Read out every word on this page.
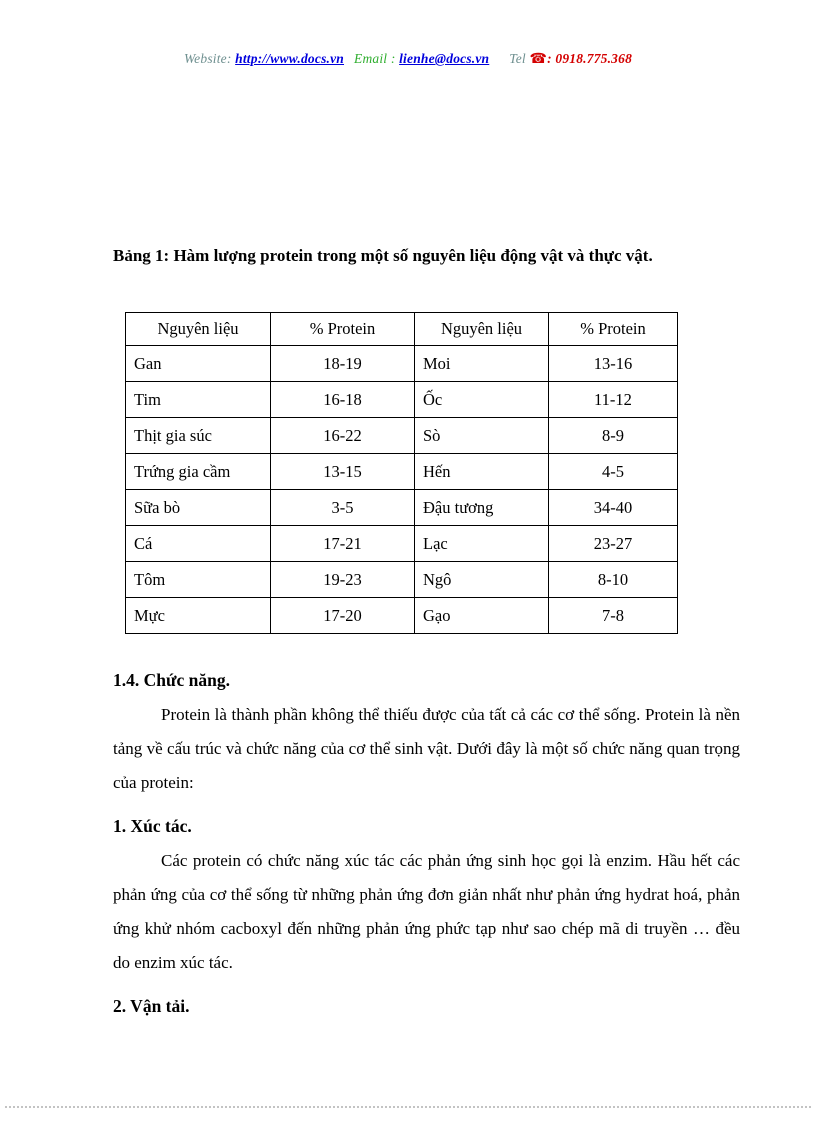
Website: http://www.docs.vn Email : lienhe@docs.vn Tel ☎: 0918.775.368

Bảng 1: Hàm lượng protein trong một số nguyên liệu động vật và thực vật.

Nguyên liệu	% Protein	Nguyên liệu	% Protein
Gan	18-19	Moi	13-16
Tim	16-18	Ốc	11-12
Thịt gia súc	16-22	Sò	8-9
Trứng gia cầm	13-15	Hến	4-5
Sữa bò	3-5	Đậu tương	34-40
Cá	17-21	Lạc	23-27
Tôm	19-23	Ngô	8-10
Mực	17-20	Gạo	7-8
1.4. Chức năng.

Protein là thành phần không thể thiếu được của tất cả các cơ thể sống. Protein là nền tảng về cấu trúc và chức năng của cơ thể sinh vật. Dưới đây là một số chức năng quan trọng của protein:

1. Xúc tác.

Các protein có chức năng xúc tác các phản ứng sinh học gọi là enzim. Hầu hết các phản ứng của cơ thể sống từ những phản ứng đơn giản nhất như phản ứng hydrat hoá, phản ứng khử nhóm cacboxyl đến những phản ứng phức tạp như sao chép mã di truyền … đều do enzim xúc tác.

2. Vận tải.
